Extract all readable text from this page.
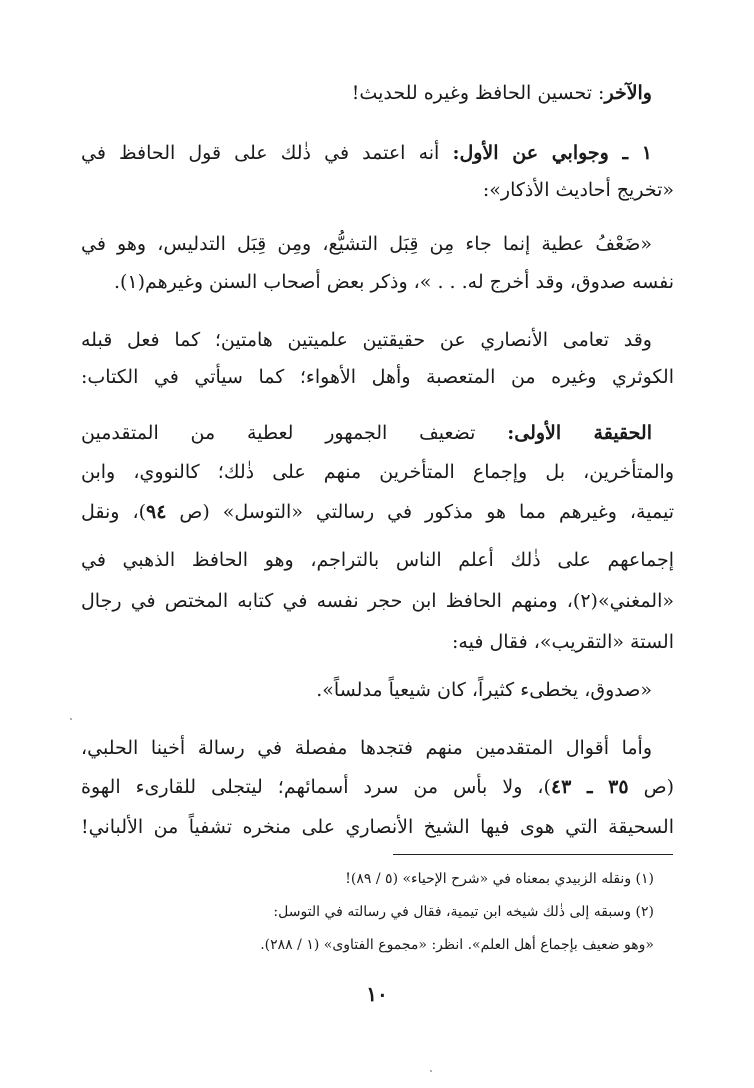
والآخر: تحسين الحافظ وغيره للحديث!
١ ـ وجوابي عن الأول: أنه اعتمد في ذٰلك على قول الحافظ في
«تخريج أحاديث الأذكار»:
«ضَعْفُ عطية إنما جاء مِن قِبَل التشيُّع، ومِن قِبَل التدليس، وهو في
نفسه صدوق، وقد أخرج له. . . »، وذكر بعض أصحاب السنن وغيرهم(١).
وقد تعامى الأنصاري عن حقيقتين علميتين هامتين؛ كما فعل قبله
الكوثري وغيره من المتعصبة وأهل الأهواء؛ كما سيأتي في الكتاب:
الحقيقة الأولى: تضعيف الجمهور لعطية من المتقدمين
والمتأخرين، بل وإجماع المتأخرين منهم على ذٰلك؛ كالنووي، وابن
تيمية، وغيرهم مما هو مذكور في رسالتي «التوسل» (ص ٩٤)، ونقل
إجماعهم على ذٰلك أعلم الناس بالتراجم، وهو الحافظ الذهبي في
«المغني»(٢)، ومنهم الحافظ ابن حجر نفسه في كتابه المختص في رجال
الستة «التقريب»، فقال فيه:
«صدوق، يخطىء كثيراً، كان شيعياً مدلساً».
وأما أقوال المتقدمين منهم فتجدها مفصلة في رسالة أخينا الحلبي،
(ص ٣٥ ـ ٤٣)، ولا بأس من سرد أسمائهم؛ ليتجلى للقارىء الهوة
السحيقة التي هوى فيها الشيخ الأنصاري على منخره تشفياً من الألباني!
(١) ونقله الزبيدي بمعناه في «شرح الإحياء» (٥ / ٨٩)!
(٢) وسبقه إلى ذٰلك شيخه ابن تيمية، فقال في رسالته في التوسل:
«وهو ضعيف بإجماع أهل العلم». انظر: «مجموع الفتاوى» (١ / ٢٨٨).
١٠
